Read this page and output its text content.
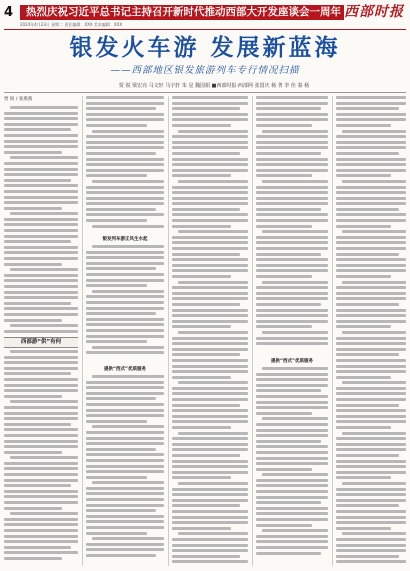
4	热烈庆祝习近平总书记主持召开新时代推动西部大开发座谈会一周年 西部时报
2024年4月23日 星期二 责任编辑：XXX 美术编辑：XXX
银发火车游 发展新蓝海
——西部地区银发旅游列车专行情况扫描
贾 锐 梁宏亮 马文轩 马宇轩 朱 星 魏国娟 ■西部时报·西部网 张国庆 杨 菁 李 佳 秦 杨
贾 锐 / 张燕燕
西部游“供”有何
银发列车游正风生水起
提供“西式”优质服务
提供“西式”优质服务
